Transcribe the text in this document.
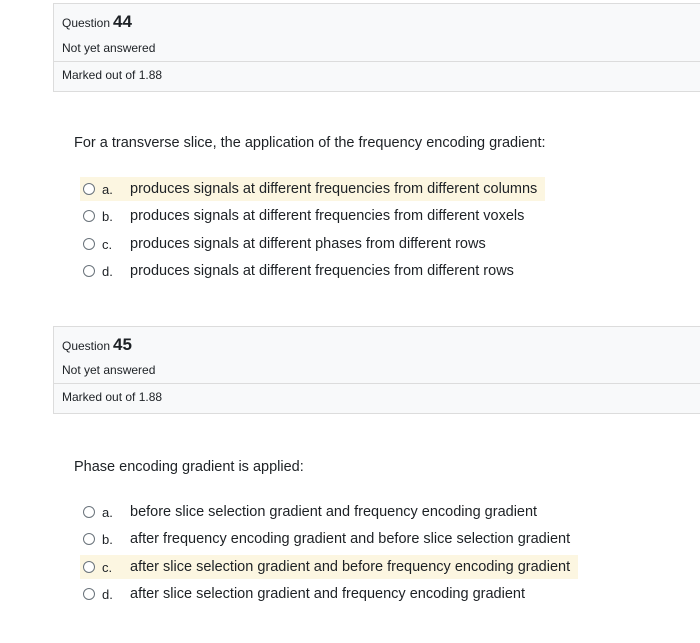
Question 44
Not yet answered
Marked out of 1.88
For a transverse slice, the application of the frequency encoding gradient:
a.	produces signals at different frequencies from different columns
b.	produces signals at different frequencies from different voxels
c.	produces signals at different phases from different rows
d.	produces signals at different frequencies from different rows
Question 45
Not yet answered
Marked out of 1.88
Phase encoding gradient is applied:
a.	before slice selection gradient and frequency encoding gradient
b.	after frequency encoding gradient and before slice selection gradient
c.	after slice selection gradient and before frequency encoding gradient
d.	after slice selection gradient and frequency encoding gradient
